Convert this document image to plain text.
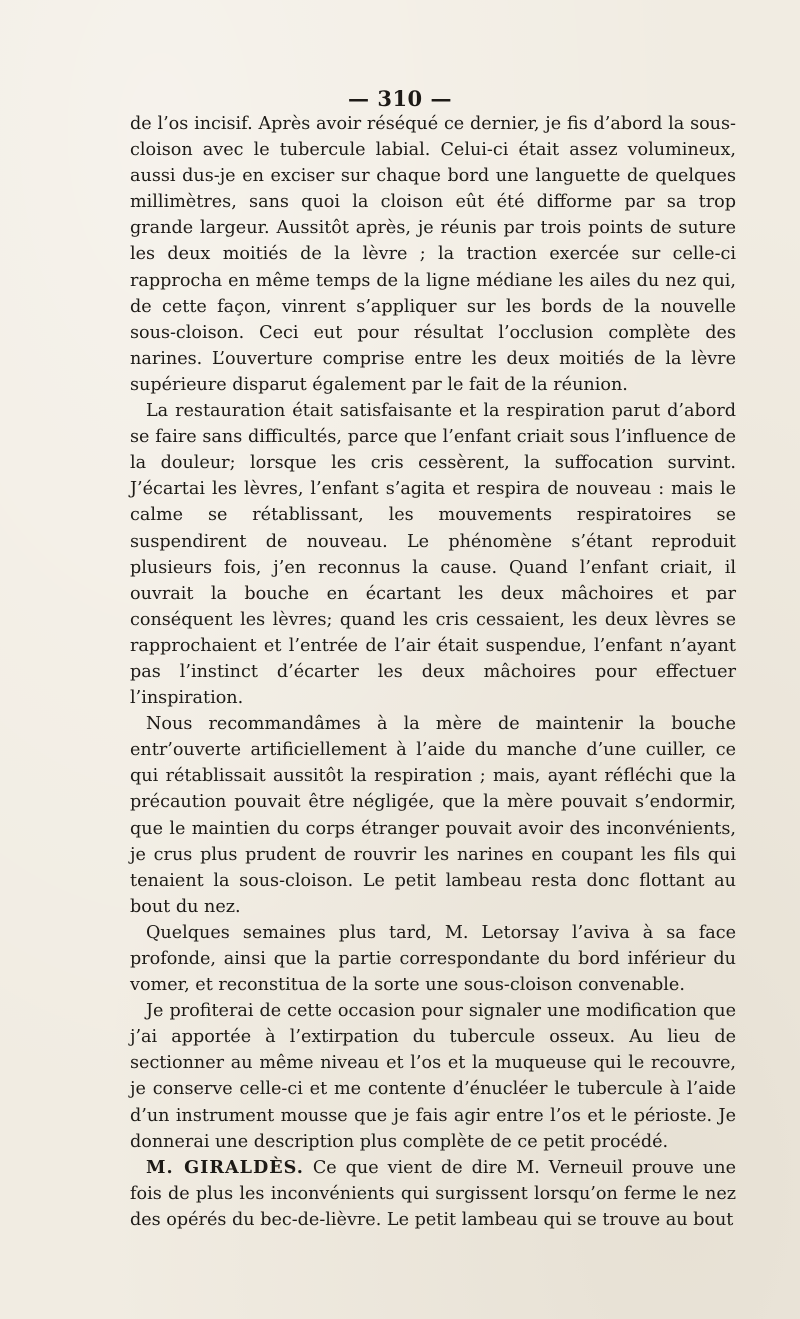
— 310 —

de l’os incisif. Après avoir réséqué ce dernier, je fis d’abord la sous-cloison avec le tubercule labial. Celui-ci était assez volumineux, aussi dus-je en exciser sur chaque bord une languette de quelques millimètres, sans quoi la cloison eût été difforme par sa trop grande largeur. Aussitôt après, je réunis par trois points de suture les deux moitiés de la lèvre ; la traction exercée sur celle-ci rapprocha en même temps de la ligne médiane les ailes du nez qui, de cette façon, vinrent s’appliquer sur les bords de la nouvelle sous-cloison. Ceci eut pour résultat l’occlusion complète des narines. L’ouverture comprise entre les deux moitiés de la lèvre supérieure disparut également par le fait de la réunion.

La restauration était satisfaisante et la respiration parut d’abord se faire sans difficultés, parce que l’enfant criait sous l’influence de la douleur; lorsque les cris cessèrent, la suffocation survint. J’écartai les lèvres, l’enfant s’agita et respira de nouveau : mais le calme se rétablissant, les mouvements respiratoires se suspendirent de nouveau. Le phénomène s’étant reproduit plusieurs fois, j’en reconnus la cause. Quand l’enfant criait, il ouvrait la bouche en écartant les deux mâchoires et par conséquent les lèvres; quand les cris cessaient, les deux lèvres se rapprochaient et l’entrée de l’air était suspendue, l’enfant n’ayant pas l’instinct d’écarter les deux mâchoires pour effectuer l’inspiration.

Nous recommandâmes à la mère de maintenir la bouche entr’ouverte artificiellement à l’aide du manche d’une cuiller, ce qui rétablissait aussitôt la respiration ; mais, ayant réfléchi que la précaution pouvait être négligée, que la mère pouvait s’endormir, que le maintien du corps étranger pouvait avoir des inconvénients, je crus plus prudent de rouvrir les narines en coupant les fils qui tenaient la sous-cloison. Le petit lambeau resta donc flottant au bout du nez.

Quelques semaines plus tard, M. Letorsay l’aviva à sa face profonde, ainsi que la partie correspondante du bord inférieur du vomer, et reconstitua de la sorte une sous-cloison convenable.

Je profiterai de cette occasion pour signaler une modification que j’ai apportée à l’extirpation du tubercule osseux. Au lieu de sectionner au même niveau et l’os et la muqueuse qui le recouvre, je conserve celle-ci et me contente d’énucléer le tubercule à l’aide d’un instrument mousse que je fais agir entre l’os et le périoste. Je donnerai une description plus complète de ce petit procédé.

M. GIRALDÈS. Ce que vient de dire M. Verneuil prouve une fois de plus les inconvénients qui surgissent lorsqu’on ferme le nez des opérés du bec-de-lièvre. Le petit lambeau qui se trouve au bout
